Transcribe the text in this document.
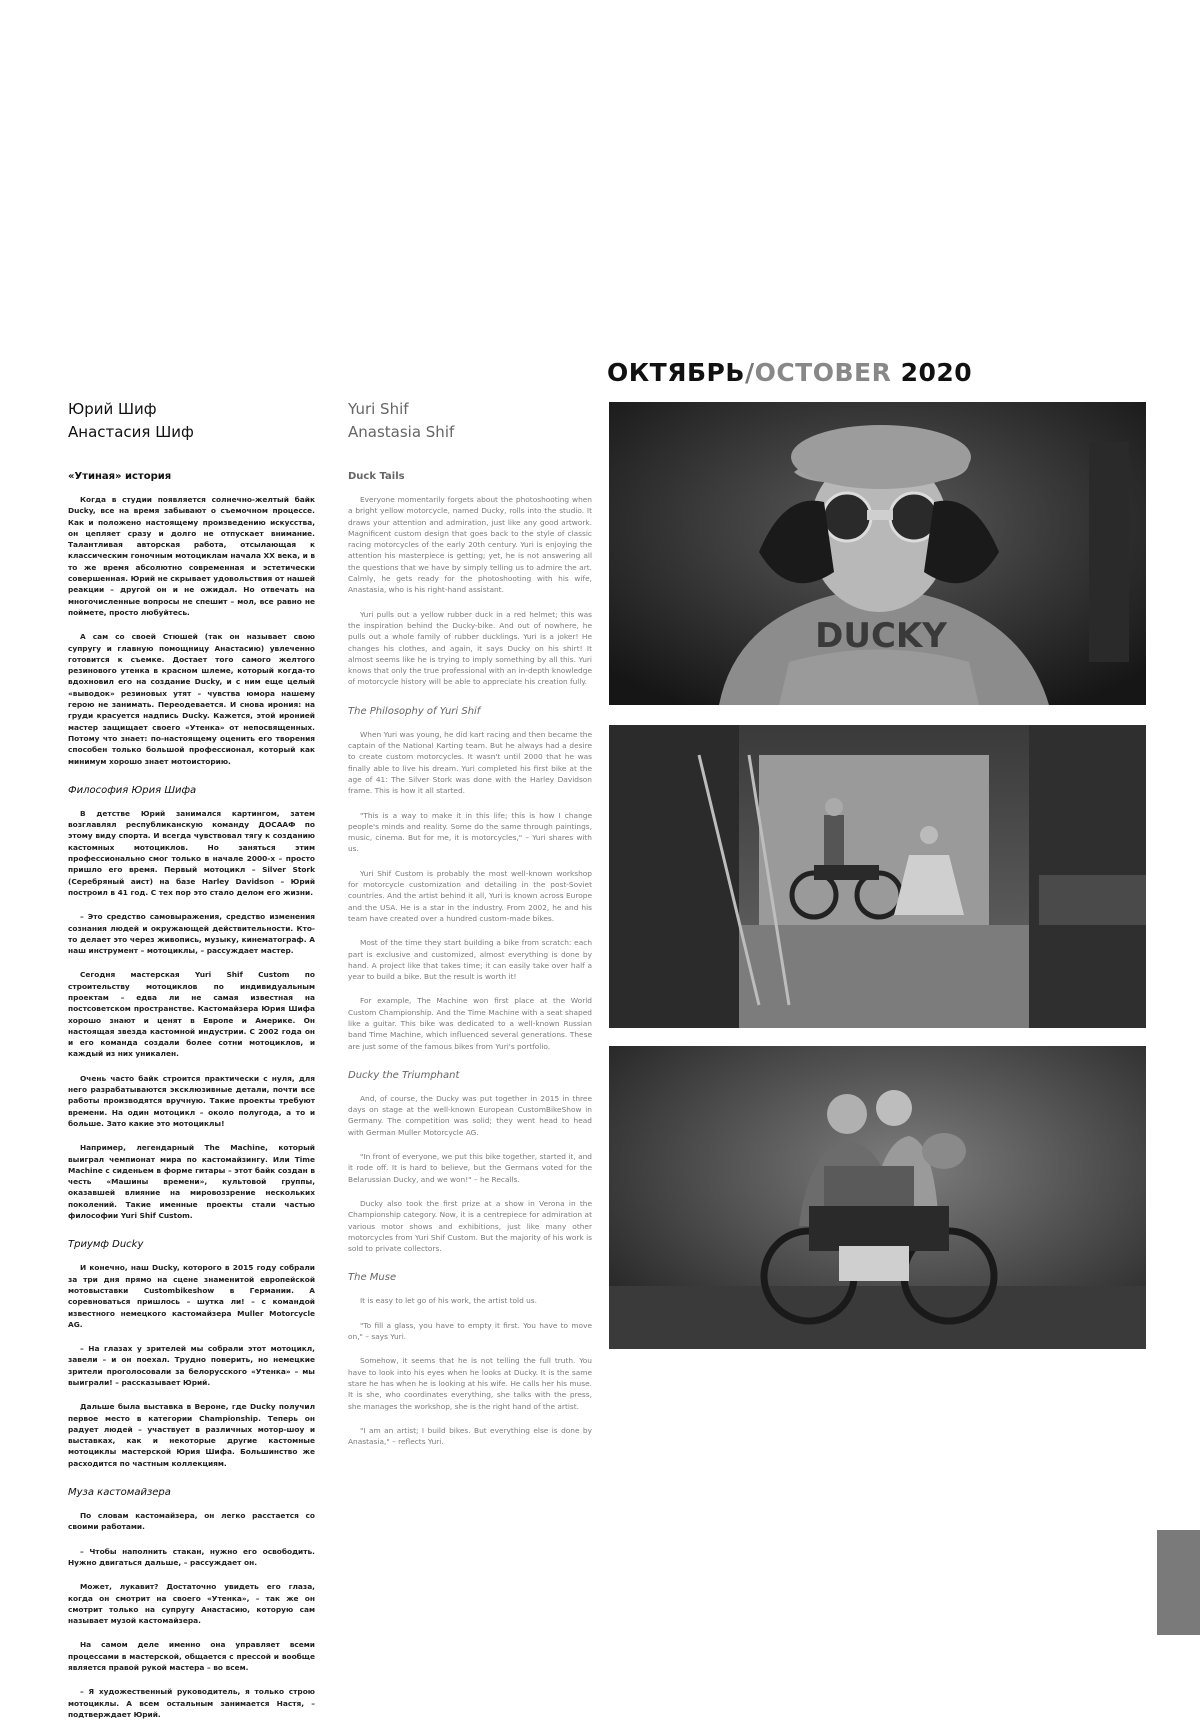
ОКТЯБРЬ/OCTOBER 2020
Юрий Шиф
Анастасия Шиф
«Утиная» история

Когда в студии появляется солнечно-желтый байк Ducky, все на время забывают о съемочном процессе. Как и положено настоящему произведению искусства, он цепляет сразу и долго не отпускает внимание. Талантливая авторская работа, отсылающая к классическим гоночным мотоциклам начала XX века, и в то же время абсолютно современная и эстетически совершенная. Юрий не скрывает удовольствия от нашей реакции – другой он и не ожидал. Но отвечать на многочисленные вопросы не спешит – мол, все равно не поймете, просто любуйтесь.

А сам со своей Стюшей (так он называет свою супругу и главную помощницу Анастасию) увлеченно готовится к съемке. Достает того самого желтого резинового утенка в красном шлеме, который когда-то вдохновил его на создание Ducky, и с ним еще целый «выводок» резиновых утят – чувства юмора нашему герою не занимать. Переодевается. И снова ирония: на груди красуется надпись Ducky. Кажется, этой иронией мастер защищает своего «Утенка» от непосвященных. Потому что знает: по-настоящему оценить его творения способен только большой профессионал, который как минимум хорошо знает мотоисторию.

Философия Юрия Шифа

В детстве Юрий занимался картингом, затем возглавлял республиканскую команду ДОСААФ по этому виду спорта. И всегда чувствовал тягу к созданию кастомных мотоциклов. Но заняться этим профессионально смог только в начале 2000-х – просто пришло его время. Первый мотоцикл – Silver Stork (Серебряный аист) на базе Harley Davidson – Юрий построил в 41 год. С тех пор это стало делом его жизни.

– Это средство самовыражения, средство изменения сознания людей и окружающей действительности. Кто-то делает это через живопись, музыку, кинематограф. А наш инструмент – мотоциклы, – рассуждает мастер.

Сегодня мастерская Yuri Shif Custom по строительству мотоциклов по индивидуальным проектам – едва ли не самая известная на постсоветском пространстве. Кастомайзера Юрия Шифа хорошо знают и ценят в Европе и Америке. Он настоящая звезда кастомной индустрии. С 2002 года он и его команда создали более сотни мотоциклов, и каждый из них уникален.

Очень часто байк строится практически с нуля, для него разрабатываются эксклюзивные детали, почти все работы производятся вручную. Такие проекты требуют времени. На один мотоцикл – около полугода, а то и больше. Зато какие это мотоциклы!

Например, легендарный The Machine, который выиграл чемпионат мира по кастомайзингу. Или Time Machine с сиденьем в форме гитары – этот байк создан в честь «Машины времени», культовой группы, оказавшей влияние на мировоззрение нескольких поколений. Такие именные проекты стали частью философии Yuri Shif Custom.

Триумф Ducky

И конечно, наш Ducky, которого в 2015 году собрали за три дня прямо на сцене знаменитой европейской мотовыставки Custombikeshow в Германии. А соревноваться пришлось – шутка ли! – с командой известного немецкого кастомайзера Muller Motorcycle AG.

– На глазах у зрителей мы собрали этот мотоцикл, завели – и он поехал. Трудно поверить, но немецкие зрители проголосовали за белорусского «Утенка» – мы выиграли! – рассказывает Юрий.

Дальше была выставка в Вероне, где Ducky получил первое место в категории Championship. Теперь он радует людей – участвует в различных мотор-шоу и выставках, как и некоторые другие кастомные мотоциклы мастерской Юрия Шифа. Большинство же расходится по частным коллекциям.

Муза кастомайзера

По словам кастомайзера, он легко расстается со своими работами.

– Чтобы наполнить стакан, нужно его освободить. Нужно двигаться дальше, – рассуждает он.

Может, лукавит? Достаточно увидеть его глаза, когда он смотрит на своего «Утенка», – так же он смотрит только на супругу Анастасию, которую сам называет музой кастомайзера.

На самом деле именно она управляет всеми процессами в мастерской, общается с прессой и вообще является правой рукой мастера – во всем.

– Я художественный руководитель, я только строю мотоциклы. А всем остальным занимается Настя, – подтверждает Юрий.

Yuri Shif
Anastasia Shif
Duck Tails

Everyone momentarily forgets about the photoshooting when a bright yellow motorcycle, named Ducky, rolls into the studio. It draws your attention and admiration, just like any good artwork. Magnificent custom design that goes back to the style of classic racing motorcycles of the early 20th century. Yuri is enjoying the attention his masterpiece is getting; yet, he is not answering all the questions that we have by simply telling us to admire the art. Calmly, he gets ready for the photoshooting with his wife, Anastasia, who is his right-hand assistant.

Yuri pulls out a yellow rubber duck in a red helmet; this was the inspiration behind the Ducky-bike. And out of nowhere, he pulls out a whole family of rubber ducklings. Yuri is a joker! He changes his clothes, and again, it says Ducky on his shirt! It almost seems like he is trying to imply something by all this. Yuri knows that only the true professional with an in-depth knowledge of motorcycle history will be able to appreciate his creation fully.

The Philosophy of Yuri Shif

When Yuri was young, he did kart racing and then became the captain of the National Karting team. But he always had a desire to create custom motorcycles. It wasn't until 2000 that he was finally able to live his dream. Yuri completed his first bike at the age of 41: The Silver Stork was done with the Harley Davidson frame. This is how it all started.

"This is a way to make it in this life; this is how I change people's minds and reality. Some do the same through paintings, music, cinema. But for me, it is motorcycles," – Yuri shares with us.

Yuri Shif Custom is probably the most well-known workshop for motorcycle customization and detailing in the post-Soviet countries. And the artist behind it all, Yuri is known across Europe and the USA. He is a star in the industry. From 2002, he and his team have created over a hundred custom-made bikes.

Most of the time they start building a bike from scratch: each part is exclusive and customized, almost everything is done by hand. A project like that takes time; it can easily take over half a year to build a bike. But the result is worth it!

For example, The Machine won first place at the World Custom Championship. And the Time Machine with a seat shaped like a guitar. This bike was dedicated to a well-known Russian band Time Machine, which influenced several generations. These are just some of the famous bikes from Yuri's portfolio.

Ducky the Triumphant

And, of course, the Ducky was put together in 2015 in three days on stage at the well-known European CustomBikeShow in Germany. The competition was solid; they went head to head with German Muller Motorcycle AG.

"In front of everyone, we put this bike together, started it, and it rode off. It is hard to believe, but the Germans voted for the Belarussian Ducky, and we won!" – he Recalls.

Ducky also took the first prize at a show in Verona in the Championship category. Now, it is a centrepiece for admiration at various motor shows and exhibitions, just like many other motorcycles from Yuri Shif Custom. But the majority of his work is sold to private collectors.

The Muse

It is easy to let go of his work, the artist told us.

"To fill a glass, you have to empty it first. You have to move on," – says Yuri.

Somehow, it seems that he is not telling the full truth. You have to look into his eyes when he looks at Ducky. It is the same stare he has when he is looking at his wife. He calls her his muse. It is she, who coordinates everything, she talks with the press, she manages the workshop, she is the right hand of the artist.

"I am an artist; I build bikes. But everything else is done by Anastasia," – reflects Yuri.

DUCKY
